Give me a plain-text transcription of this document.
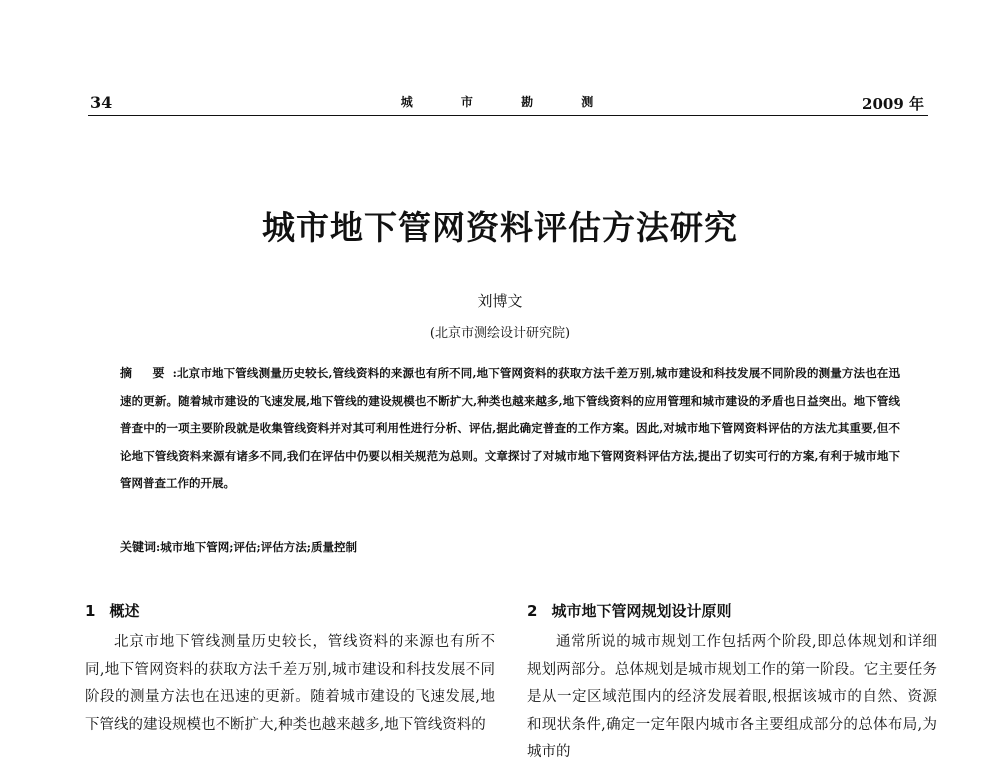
34	城 市 勘 测	2009 年
城市地下管网资料评估方法研究
刘博文
(北京市测绘设计研究院)
摘 要:北京市地下管线测量历史较长,管线资料的来源也有所不同,地下管网资料的获取方法千差万别,城市建设和科技发展不同阶段的测量方法也在迅速的更新。随着城市建设的飞速发展,地下管线的建设规模也不断扩大,种类也越来越多,地下管线资料的应用管理和城市建设的矛盾也日益突出。地下管线普查中的一项主要阶段就是收集管线资料并对其可利用性进行分析、评估,据此确定普查的工作方案。因此,对城市地下管网资料评估的方法尤其重要,但不论地下管线资料来源有诸多不同,我们在评估中仍要以相关规范为总则。文章探讨了对城市地下管网资料评估方法,提出了切实可行的方案,有利于城市地下管网普查工作的开展。
关键词:城市地下管网;评估;评估方法;质量控制
1 概述

北京市地下管线测量历史较长，管线资料的来源也有所不同,地下管网资料的获取方法千差万别,城市建设和科技发展不同阶段的测量方法也在迅速的更新。随着城市建设的飞速发展,地下管线的建设规模也不断扩大,种类也越来越多,地下管线资料的

2 城市地下管网规划设计原则

通常所说的城市规划工作包括两个阶段,即总体规划和详细规划两部分。总体规划是城市规划工作的第一阶段。它主要任务是从一定区域范围内的经济发展着眼,根据该城市的自然、资源和现状条件,确定一定年限内城市各主要组成部分的总体布局,为城市的
